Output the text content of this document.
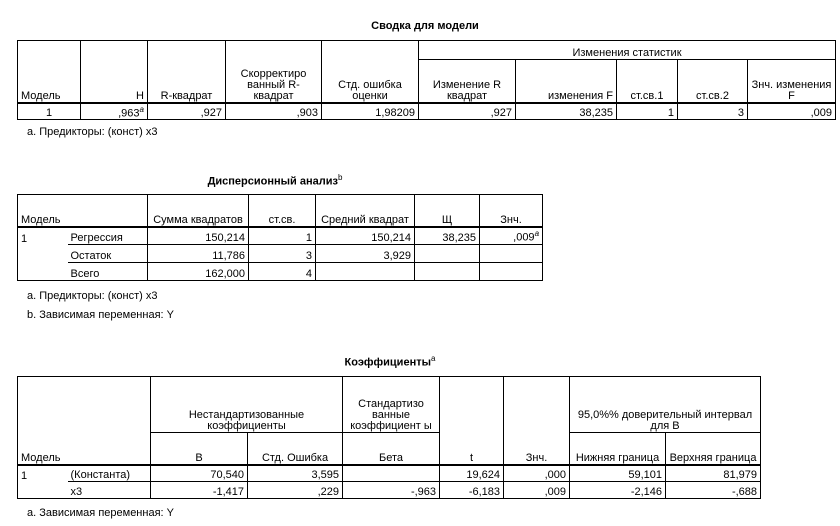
Сводка для модели
Модель	Н	R-квадрат	Скорректиро ванный R- квадрат	Стд. ошибка оценки	Изменения статистик				
					Изменение R квадрат	изменения F	ст.св.1	ст.св.2	Знч. изменения F
1	,963$^a$	,927	,903	1,98209	,927	38,235	1	3	,009
a. Предикторы: (конст) х3
Дисперсионный анализ$^b$
Модель		Сумма квадратов	ст.св.	Средний квадрат	Щ	Знч.
1	Регрессия	150,214	1	150,214	38,235	,009$^a$
	Остаток	11,786	3	3,929		
	Всего	162,000	4			
a. Предикторы: (конст) х3
b. Зависимая переменная: Y
Коэффициенты$^a$
Модель		Нестандартизованные коэффициенты		Стандартизо ванные коэффициент ы	t	Знч.	95,0%% доверительный интервал для B	
		B	Стд. Ошибка	Бета			Нижняя граница	Верхняя граница
1	(Константа)	70,540	3,595		19,624	,000	59,101	81,979
	x3	-1,417	,229	-,963	-6,183	,009	-2,146	-,688
a. Зависимая переменная: Y
